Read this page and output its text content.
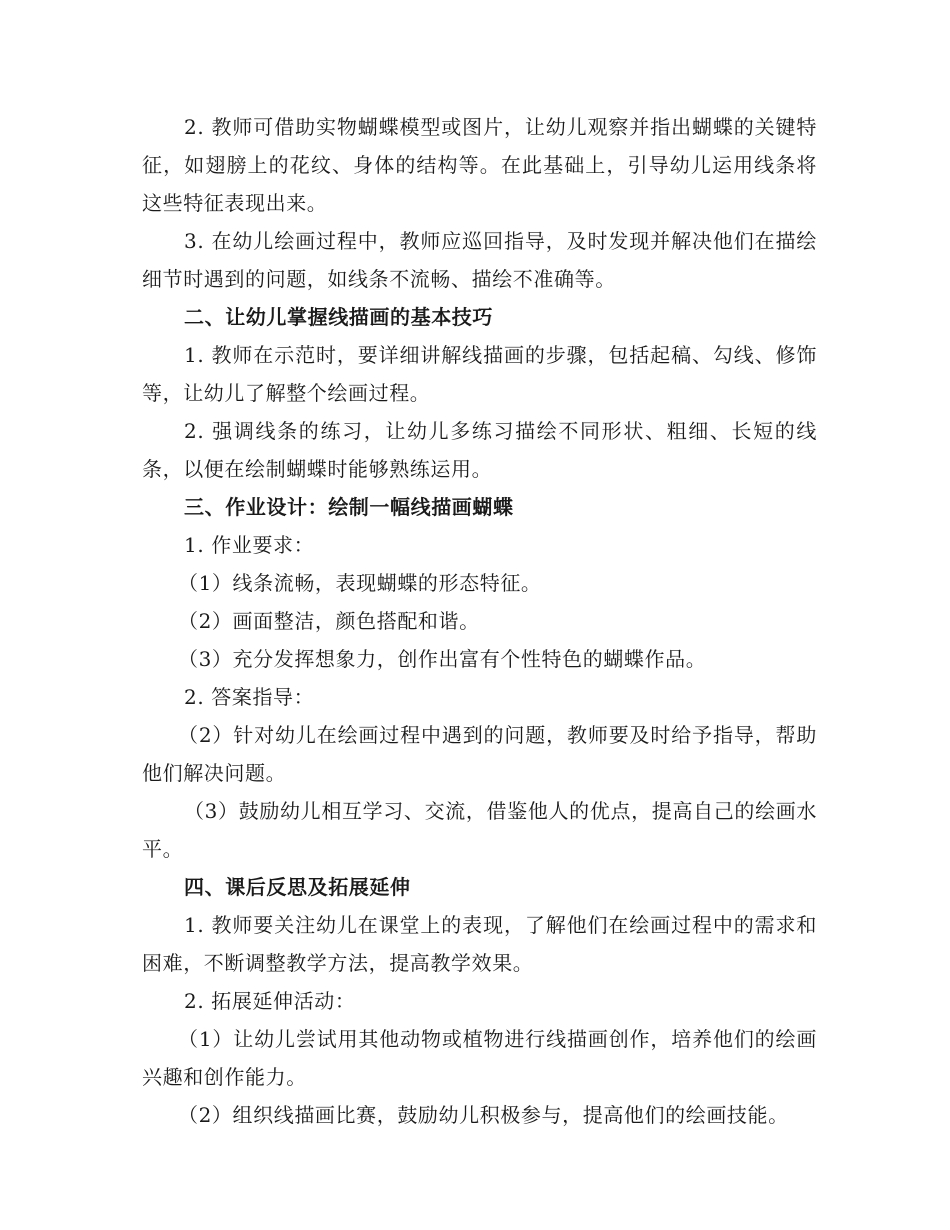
2. 教师可借助实物蝴蝶模型或图片，让幼儿观察并指出蝴蝶的关键特征，如翅膀上的花纹、身体的结构等。在此基础上，引导幼儿运用线条将这些特征表现出来。

3. 在幼儿绘画过程中，教师应巡回指导，及时发现并解决他们在描绘细节时遇到的问题，如线条不流畅、描绘不准确等。

二、让幼儿掌握线描画的基本技巧

1. 教师在示范时，要详细讲解线描画的步骤，包括起稿、勾线、修饰等，让幼儿了解整个绘画过程。

2. 强调线条的练习，让幼儿多练习描绘不同形状、粗细、长短的线条，以便在绘制蝴蝶时能够熟练运用。

三、作业设计：绘制一幅线描画蝴蝶

1. 作业要求：

（1）线条流畅，表现蝴蝶的形态特征。

（2）画面整洁，颜色搭配和谐。

（3）充分发挥想象力，创作出富有个性特色的蝴蝶作品。

2. 答案指导：

（2）针对幼儿在绘画过程中遇到的问题，教师要及时给予指导，帮助他们解决问题。

（3）鼓励幼儿相互学习、交流，借鉴他人的优点，提高自己的绘画水平。

四、课后反思及拓展延伸

1. 教师要关注幼儿在课堂上的表现，了解他们在绘画过程中的需求和困难，不断调整教学方法，提高教学效果。

2. 拓展延伸活动：

（1）让幼儿尝试用其他动物或植物进行线描画创作，培养他们的绘画兴趣和创作能力。

（2）组织线描画比赛，鼓励幼儿积极参与，提高他们的绘画技能。
